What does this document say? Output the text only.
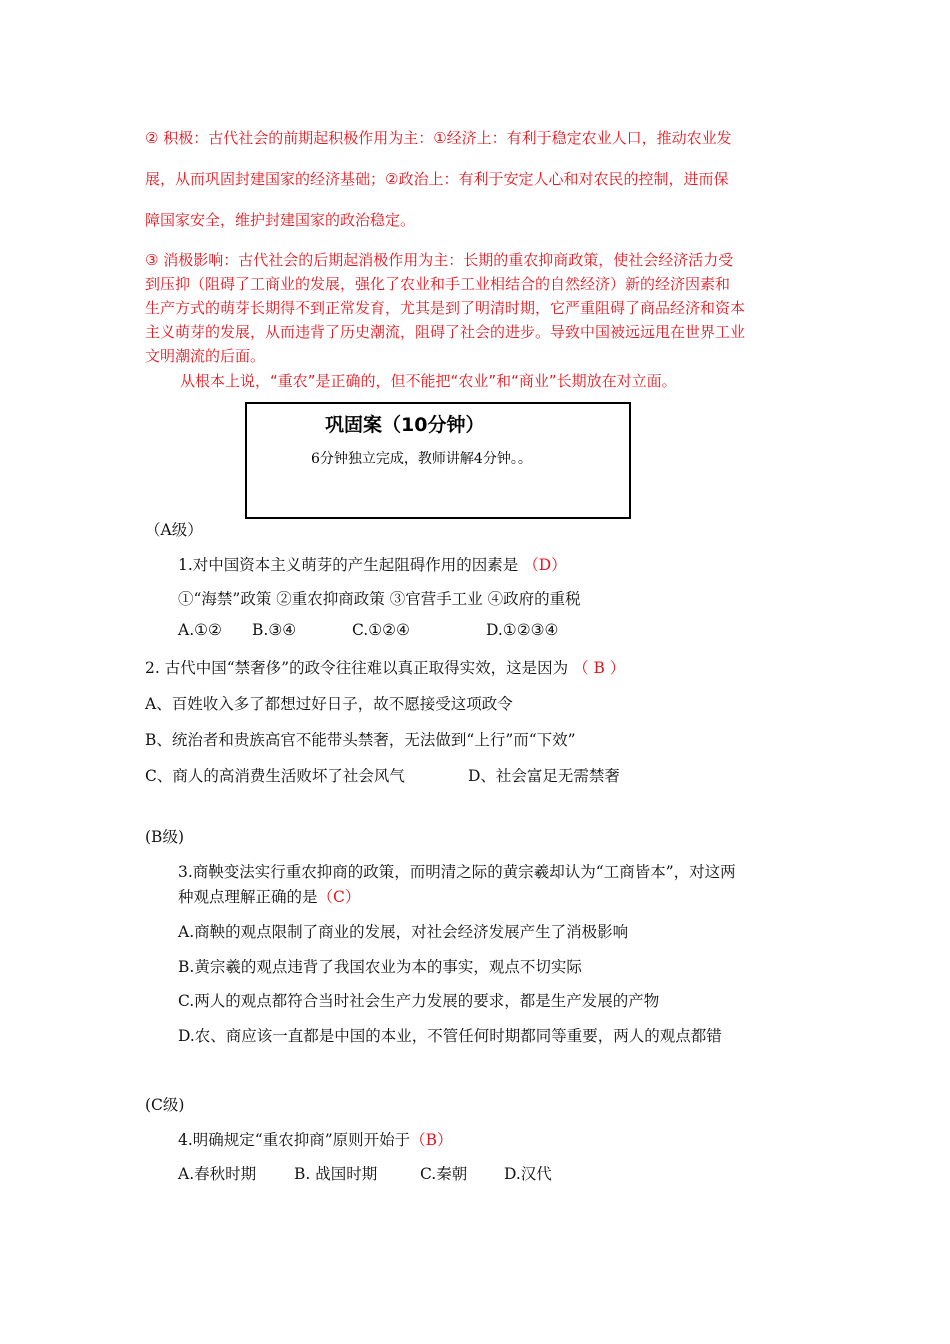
② 积极：古代社会的前期起积极作用为主：①经济上：有利于稳定农业人口，推动农业发
展，从而巩固封建国家的经济基础；②政治上：有利于安定人心和对农民的控制，进而保
障国家安全，维护封建国家的政治稳定。
③ 消极影响：古代社会的后期起消极作用为主：长期的重农抑商政策，使社会经济活力受
到压抑（阻碍了工商业的发展，强化了农业和手工业相结合的自然经济）新的经济因素和
生产方式的萌芽长期得不到正常发育，尤其是到了明清时期，它严重阻碍了商品经济和资本
主义萌芽的发展，从而违背了历史潮流，阻碍了社会的进步。导致中国被远远甩在世界工业
文明潮流的后面。
从根本上说，“重农”是正确的，但不能把“农业”和“商业”长期放在对立面。
巩固案（10分钟）
6分钟独立完成，教师讲解4分钟。。
（A级）
1.对中国资本主义萌芽的产生起阻碍作用的因素是 （D）
①“海禁”政策 ②重农抑商政策 ③官营手工业 ④政府的重税
A.①② B.③④	C.①②④	D.①②③④
2. 古代中国“禁奢侈”的政令往往难以真正取得实效，这是因为 （ B ）
A、百姓收入多了都想过好日子，故不愿接受这项政令
B、统治者和贵族高官不能带头禁奢，无法做到“上行”而“下效”
C、商人的高消费生活败坏了社会风气	D、社会富足无需禁奢
(B级)
3.商鞅变法实行重农抑商的政策，而明清之际的黄宗羲却认为“工商皆本”，对这两
种观点理解正确的是（C）
A.商鞅的观点限制了商业的发展，对社会经济发展产生了消极影响
B.黄宗羲的观点违背了我国农业为本的事实，观点不切实际
C.两人的观点都符合当时社会生产力发展的要求，都是生产发展的产物
D.农、商应该一直都是中国的本业，不管任何时期都同等重要，两人的观点都错
(C级)
4.明确规定“重农抑商”原则开始于（B）
A.春秋时期 B. 战国时期	C.秦朝 D.汉代
